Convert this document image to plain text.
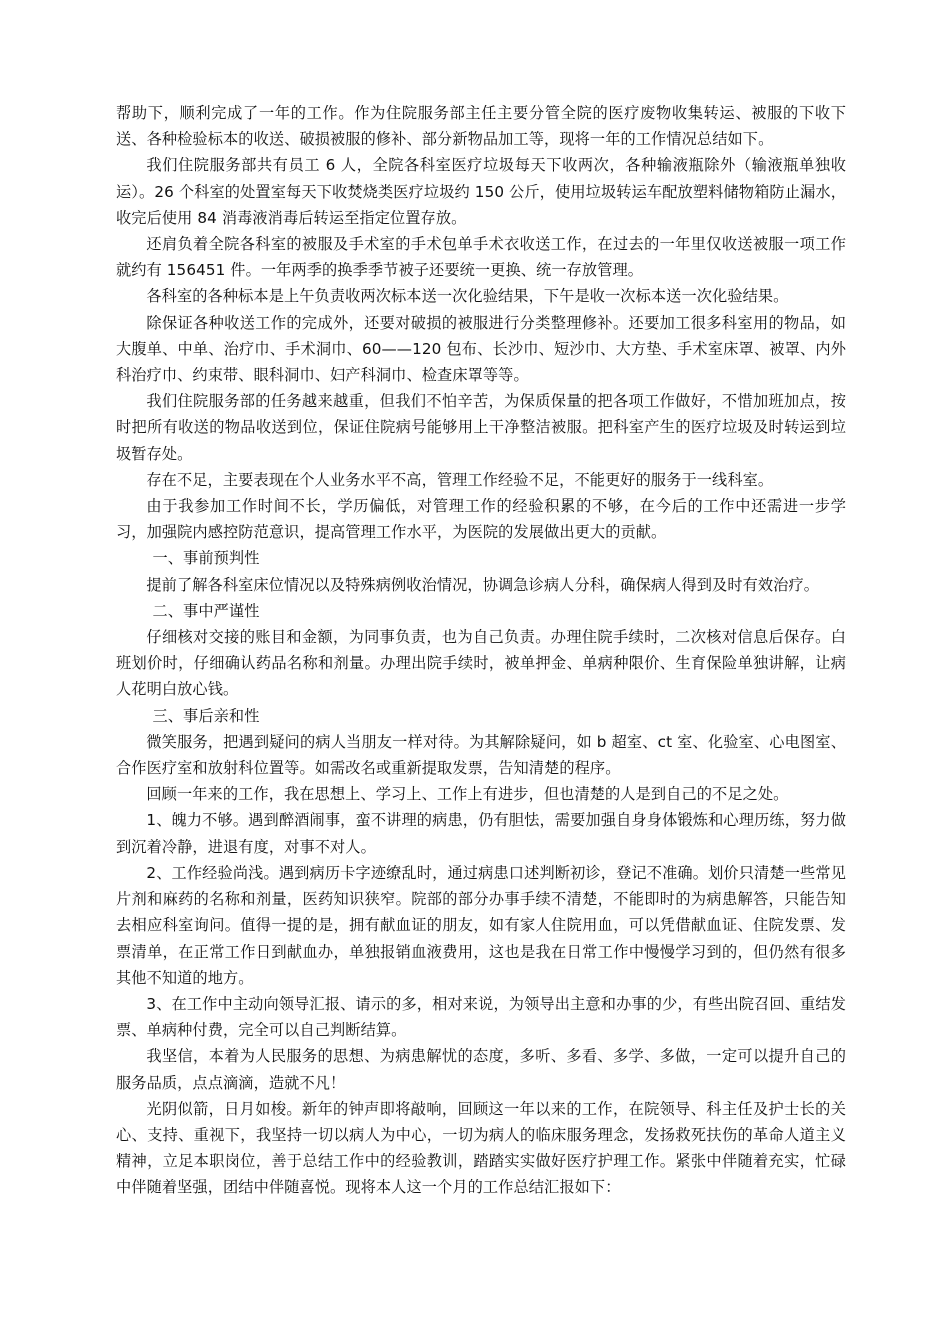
帮助下，顺利完成了一年的工作。作为住院服务部主任主要分管全院的医疗废物收集转运、被服的下收下送、各种检验标本的收送、破损被服的修补、部分新物品加工等，现将一年的工作情况总结如下。

我们住院服务部共有员工 6 人，全院各科室医疗垃圾每天下收两次，各种输液瓶除外（输液瓶单独收运）。26 个科室的处置室每天下收焚烧类医疗垃圾约 150 公斤，使用垃圾转运车配放塑料储物箱防止漏水，收完后使用 84 消毒液消毒后转运至指定位置存放。

还肩负着全院各科室的被服及手术室的手术包单手术衣收送工作，在过去的一年里仅收送被服一项工作就约有 156451 件。一年两季的换季季节被子还要统一更换、统一存放管理。

各科室的各种标本是上午负责收两次标本送一次化验结果，下午是收一次标本送一次化验结果。

除保证各种收送工作的完成外，还要对破损的被服进行分类整理修补。还要加工很多科室用的物品，如大腹单、中单、治疗巾、手术洞巾、60——120 包布、长沙巾、短沙巾、大方垫、手术室床罩、被罩、内外科治疗巾、约束带、眼科洞巾、妇产科洞巾、检查床罩等等。

我们住院服务部的任务越来越重，但我们不怕辛苦，为保质保量的把各项工作做好，不惜加班加点，按时把所有收送的物品收送到位，保证住院病号能够用上干净整洁被服。把科室产生的医疗垃圾及时转运到垃圾暂存处。

存在不足，主要表现在个人业务水平不高，管理工作经验不足，不能更好的服务于一线科室。

由于我参加工作时间不长，学历偏低，对管理工作的经验积累的不够，在今后的工作中还需进一步学习，加强院内感控防范意识，提高管理工作水平，为医院的发展做出更大的贡献。

一、事前预判性

提前了解各科室床位情况以及特殊病例收治情况，协调急诊病人分科，确保病人得到及时有效治疗。

二、事中严谨性

仔细核对交接的账目和金额，为同事负责，也为自己负责。办理住院手续时，二次核对信息后保存。白班划价时，仔细确认药品名称和剂量。办理出院手续时，被单押金、单病种限价、生育保险单独讲解，让病人花明白放心钱。

三、事后亲和性

微笑服务，把遇到疑问的病人当朋友一样对待。为其解除疑问，如 b 超室、ct 室、化验室、心电图室、合作医疗室和放射科位置等。如需改名或重新提取发票，告知清楚的程序。

回顾一年来的工作，我在思想上、学习上、工作上有进步，但也清楚的人是到自己的不足之处。

1、魄力不够。遇到醉酒闹事，蛮不讲理的病患，仍有胆怯，需要加强自身身体锻炼和心理历练，努力做到沉着冷静，进退有度，对事不对人。

2、工作经验尚浅。遇到病历卡字迹缭乱时，通过病患口述判断初诊，登记不准确。划价只清楚一些常见片剂和麻药的名称和剂量，医药知识狭窄。院部的部分办事手续不清楚，不能即时的为病患解答，只能告知去相应科室询问。值得一提的是，拥有献血证的朋友，如有家人住院用血，可以凭借献血证、住院发票、发票清单，在正常工作日到献血办，单独报销血液费用，这也是我在日常工作中慢慢学习到的，但仍然有很多其他不知道的地方。

3、在工作中主动向领导汇报、请示的多，相对来说，为领导出主意和办事的少，有些出院召回、重结发票、单病种付费，完全可以自己判断结算。

我坚信，本着为人民服务的思想、为病患解忧的态度，多听、多看、多学、多做，一定可以提升自己的服务品质，点点滴滴，造就不凡！

光阴似箭，日月如梭。新年的钟声即将敲响，回顾这一年以来的工作，在院领导、科主任及护士长的关心、支持、重视下，我坚持一切以病人为中心，一切为病人的临床服务理念，发扬救死扶伤的革命人道主义精神，立足本职岗位，善于总结工作中的经验教训，踏踏实实做好医疗护理工作。紧张中伴随着充实，忙碌中伴随着坚强，团结中伴随喜悦。现将本人这一个月的工作总结汇报如下：
